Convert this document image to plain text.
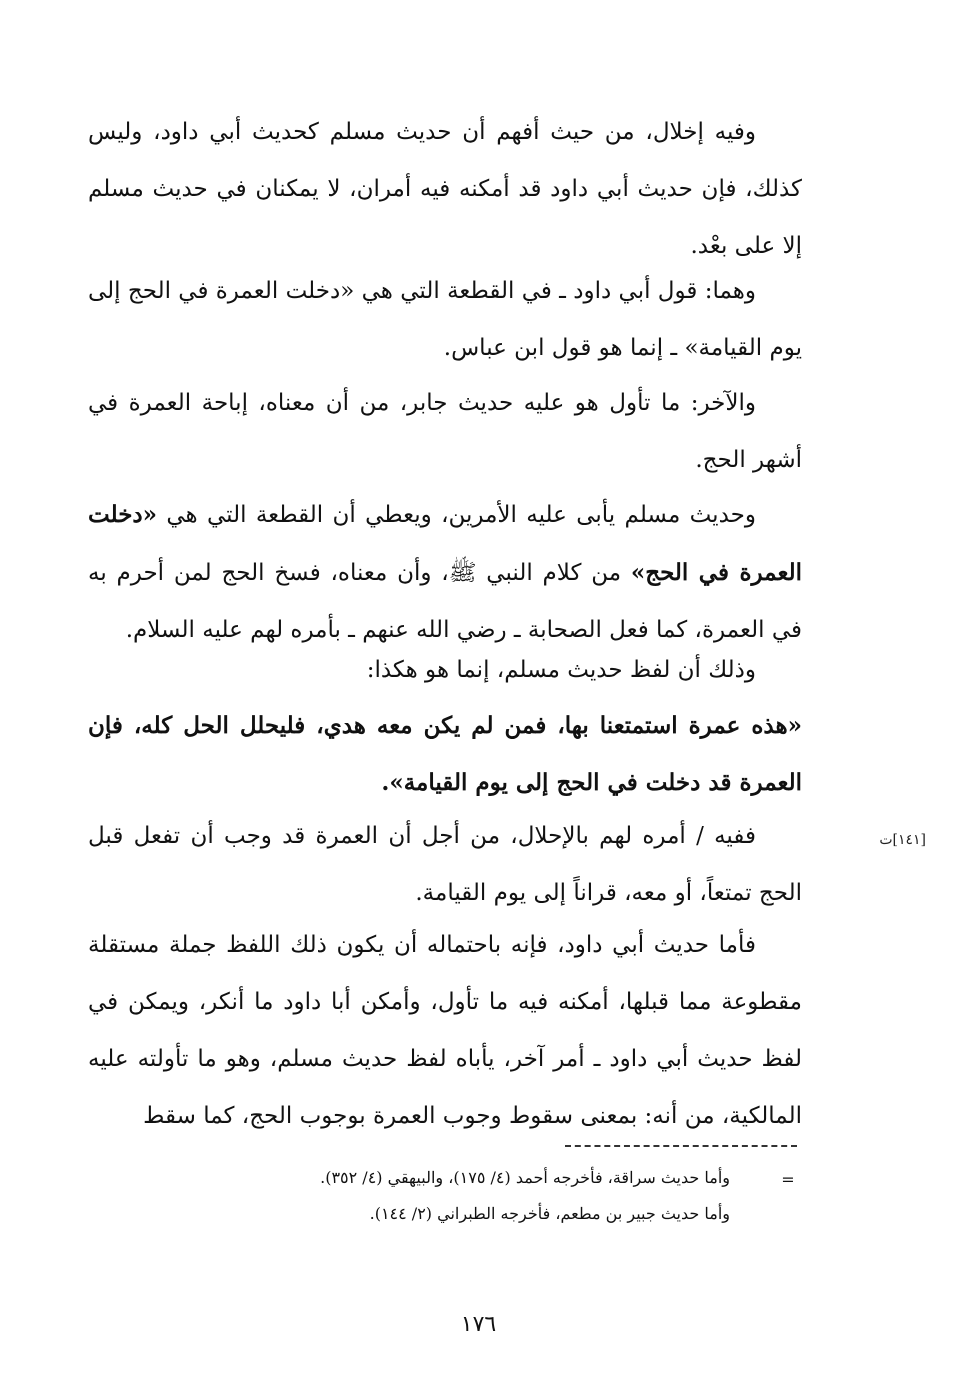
وفيه إخلال، من حيث أفهم أن حديث مسلم كحديث أبي داود، وليس كذلك، فإن حديث أبي داود قد أمكنه فيه أمران، لا يمكنان في حديث مسلم إلا على بعْد.

وهما: قول أبي داود ـ في القطعة التي هي «دخلت العمرة في الحج إلى يوم القيامة» ـ إنما هو قول ابن عباس.

والآخر: ما تأول هو عليه حديث جابر، من أن معناه، إباحة العمرة في أشهر الحج.

وحديث مسلم يأبى عليه الأمرين، ويعطي أن القطعة التي هي «دخلت العمرة في الحج» من كلام النبي ﷺ، وأن معناه، فسخ الحج لمن أحرم به في العمرة، كما فعل الصحابة ـ رضي الله عنهم ـ بأمره لهم عليه السلام.

وذلك أن لفظ حديث مسلم، إنما هو هكذا:

«هذه عمرة استمتعنا بها، فمن لم يكن معه هدي، فليحلل الحل كله، فإن العمرة قد دخلت في الحج إلى يوم القيامة».

ففيه / أمره لهم بالإحلال، من أجل أن العمرة قد وجب أن تفعل قبل الحج تمتعاً، أو معه، قراناً إلى يوم القيامة.

[١٤١]ت

فأما حديث أبي داود، فإنه باحتماله أن يكون ذلك اللفظ جملة مستقلة مقطوعة مما قبلها، أمكنه فيه ما تأول، وأمكن أبا داود ما أنكر، ويمكن في لفظ حديث أبي داود ـ أمر آخر، يأباه لفظ حديث مسلم، وهو ما تأولته عليه المالكية، من أنه: بمعنى سقوط وجوب العمرة بوجوب الحج، كما سقط

=
وأما حديث سراقة، فأخرجه أحمد (٤/ ١٧٥)، والبيهقي (٤/ ٣٥٢).
وأما حديث جبير بن مطعم، فأخرجه الطبراني (٢/ ١٤٤).
١٧٦
